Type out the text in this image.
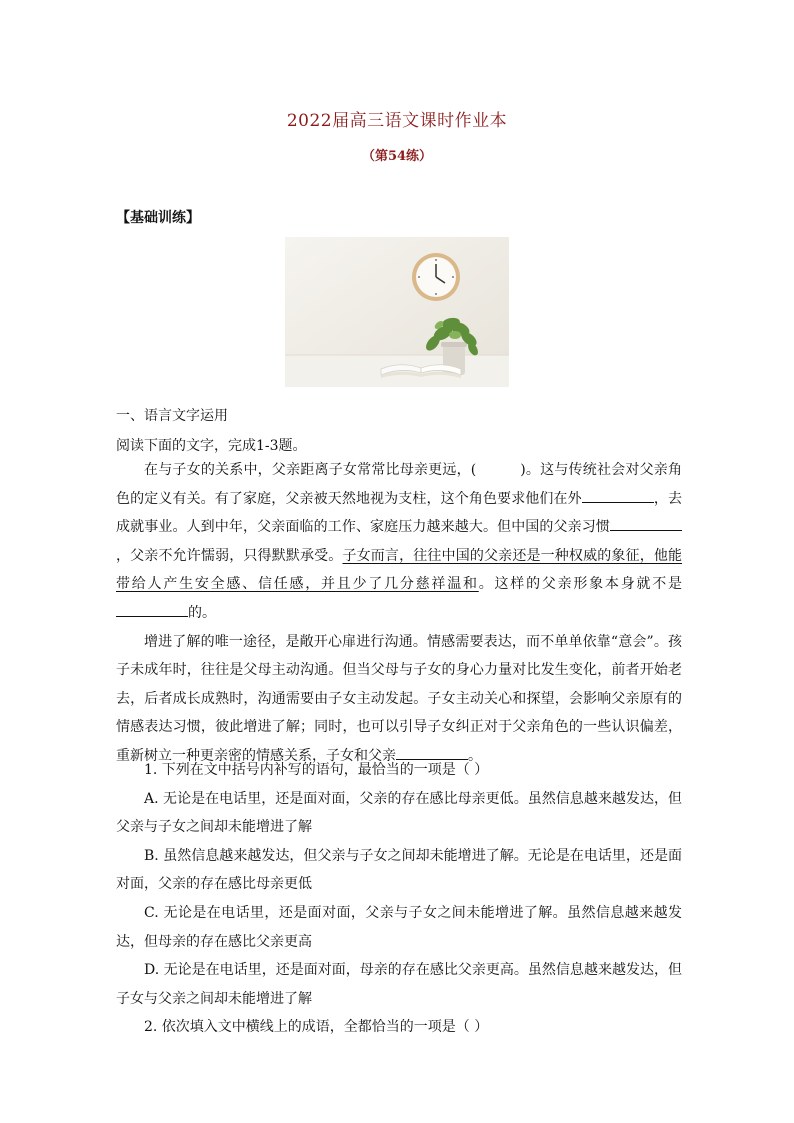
2022届高三语文课时作业本
（第54练）
【基础训练】
一、语言文字运用

阅读下面的文字，完成1-3题。

在与子女的关系中，父亲距离子女常常比母亲更远，(	)。这与传统社会对父亲角色的定义有关。有了家庭，父亲被天然地视为支柱，这个角色要求他们在外	，去成就事业。人到中年，父亲面临的工作、家庭压力越来越大。但中国的父亲习惯，父亲不允许懦弱，只得默默承受。子女而言，往往中国的父亲还是一种权威的象征，他能带给人产生安全感、信任感，并且少了几分慈祥温和。这样的父亲形象本身就不是的。

增进了解的唯一途径，是敞开心扉进行沟通。情感需要表达，而不单单依靠“意会”。孩子未成年时，往往是父母主动沟通。但当父母与子女的身心力量对比发生变化，前者开始老去，后者成长成熟时，沟通需要由子女主动发起。子女主动关心和探望，会影响父亲原有的情感表达习惯，彼此增进了解；同时，也可以引导子女纠正对于父亲角色的一些认识偏差，重新树立一种更亲密的情感关系，子女和父亲	。

1. 下列在文中括号内补写的语句，最恰当的一项是（ ）

A. 无论是在电话里，还是面对面，父亲的存在感比母亲更低。虽然信息越来越发达，但父亲与子女之间却未能增进了解

B. 虽然信息越来越发达，但父亲与子女之间却未能增进了解。无论是在电话里，还是面对面，父亲的存在感比母亲更低

C. 无论是在电话里，还是面对面，父亲与子女之间未能增进了解。虽然信息越来越发达，但母亲的存在感比父亲更高

D. 无论是在电话里，还是面对面，母亲的存在感比父亲更高。虽然信息越来越发达，但子女与父亲之间却未能增进了解

2. 依次填入文中横线上的成语，全都恰当的一项是（ ）
